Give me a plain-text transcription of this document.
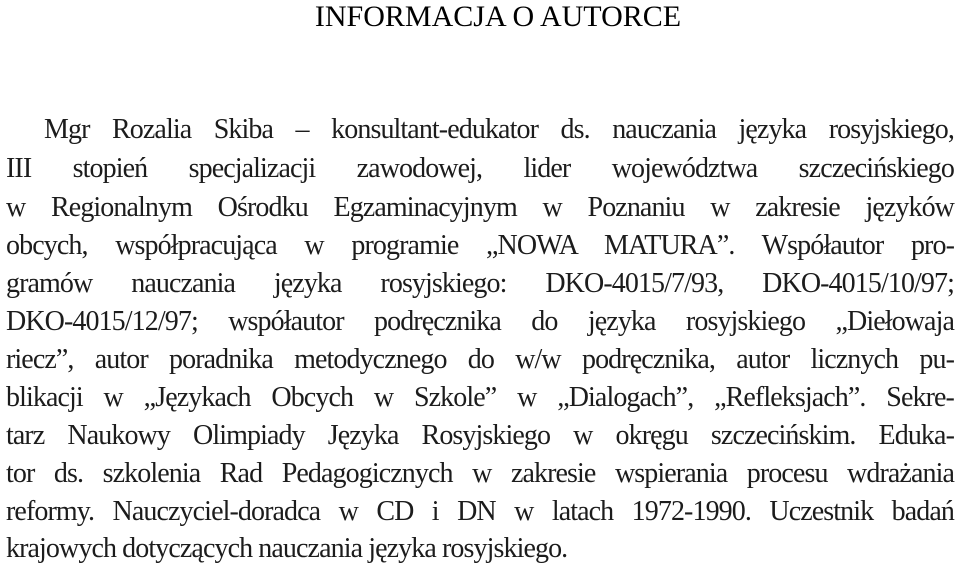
INFORMACJA O AUTORCE
Mgr Rozalia Skiba – konsultant-edukator ds. nauczania języka rosyjskiego,
III stopień specjalizacji zawodowej, lider województwa szczecińskiego
w Regionalnym Ośrodku Egzaminacyjnym w Poznaniu w zakresie języków
obcych, współpracująca w programie „NOWA MATURA”. Współautor pro-
gramów nauczania języka rosyjskiego: DKO-4015/7/93, DKO-4015/10/97;
DKO-4015/12/97; współautor podręcznika do języka rosyjskiego „Diełowaja
riecz”, autor poradnika metodycznego do w/w podręcznika, autor licznych pu-
blikacji w „Językach Obcych w Szkole” w „Dialogach”, „Refleksjach”. Sekre-
tarz Naukowy Olimpiady Języka Rosyjskiego w okręgu szczecińskim. Eduka-
tor ds. szkolenia Rad Pedagogicznych w zakresie wspierania procesu wdrażania
reformy. Nauczyciel-doradca w CD i DN w latach 1972-1990. Uczestnik badań
krajowych dotyczących nauczania języka rosyjskiego.
